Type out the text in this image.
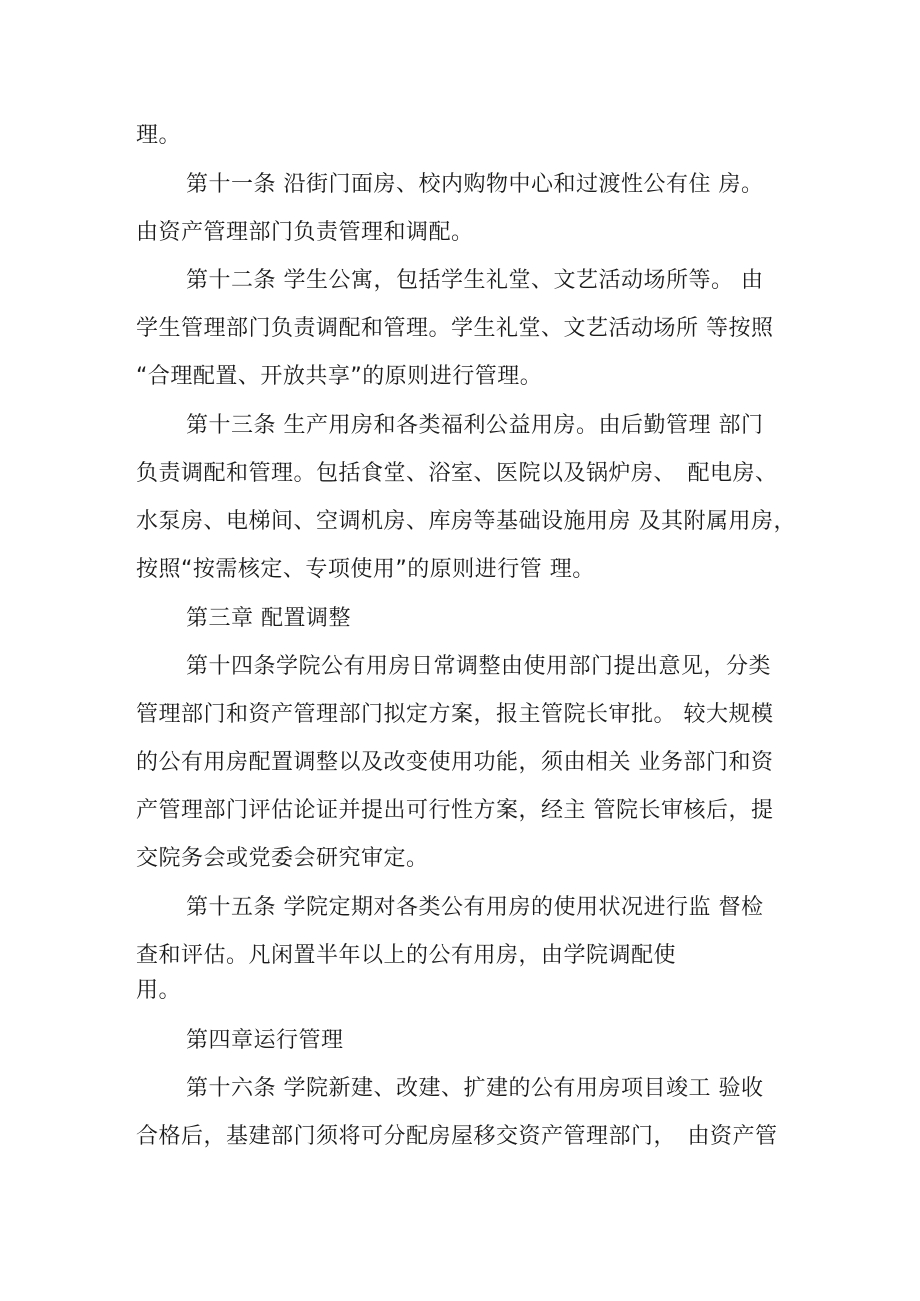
理。
第十一条 沿街门面房、校内购物中心和过渡性公有住 房。
由资产管理部门负责管理和调配。
第十二条 学生公寓，包括学生礼堂、文艺活动场所等。 由
学生管理部门负责调配和管理。学生礼堂、文艺活动场所 等按照
“合理配置、开放共享”的原则进行管理。
第十三条 生产用房和各类福利公益用房。由后勤管理 部门
负责调配和管理。包括食堂、浴室、医院以及锅炉房、　配电房、
水泵房、电梯间、空调机房、库房等基础设施用房 及其附属用房，
按照“按需核定、专项使用”的原则进行管 理。
第三章 配置调整
第十四条学院公有用房日常调整由使用部门提出意见，分类
管理部门和资产管理部门拟定方案，报主管院长审批。 较大规模
的公有用房配置调整以及改变使用功能，须由相关 业务部门和资
产管理部门评估论证并提出可行性方案，经主 管院长审核后，提
交院务会或党委会研究审定。
第十五条 学院定期对各类公有用房的使用状况进行监 督检
查和评估。凡闲置半年以上的公有用房，由学院调配使
用。
第四章运行管理
第十六条 学院新建、改建、扩建的公有用房项目竣工 验收
合格后，基建部门须将可分配房屋移交资产管理部门，　由资产管
